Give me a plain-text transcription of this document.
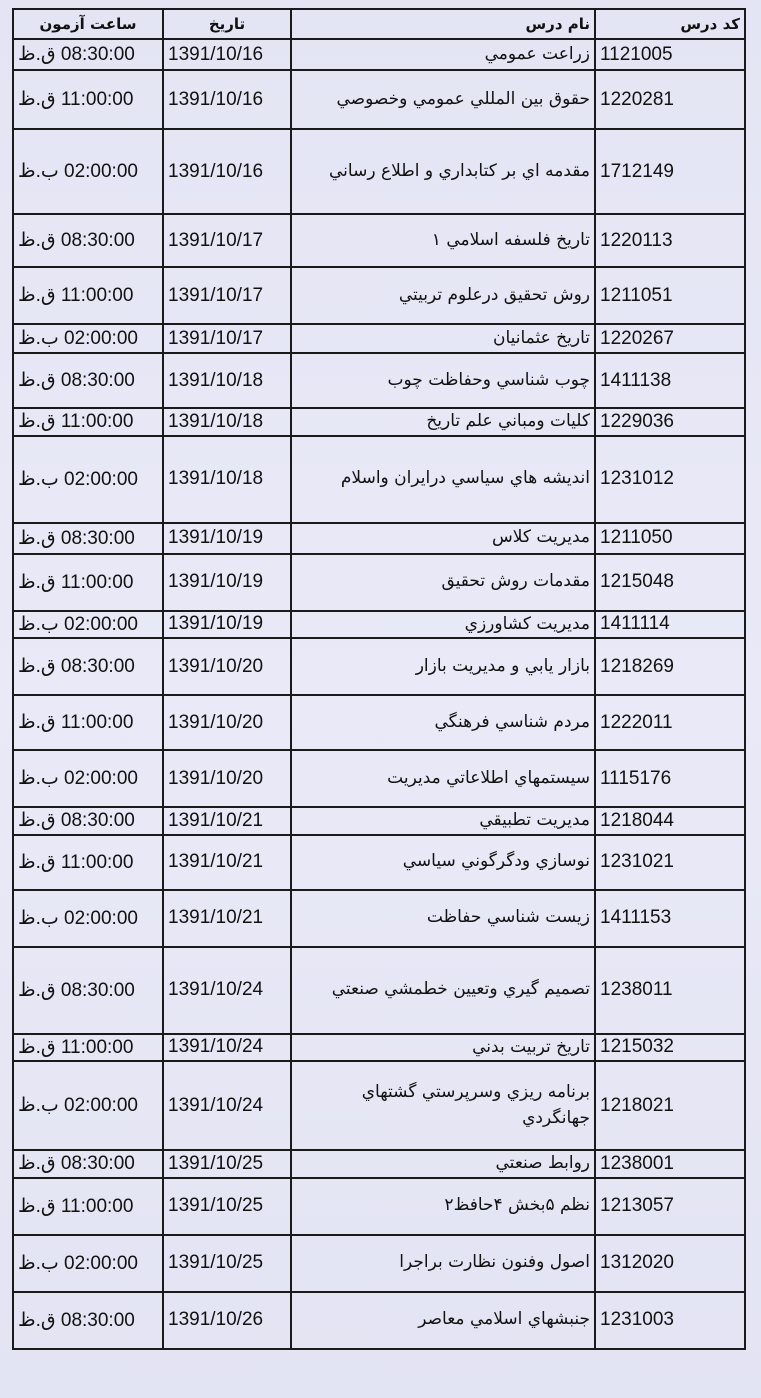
ساعت آزمون	تاريخ	نام درس	کد درس
08:30:00 ق.ظ	1391/10/16	زراعت عمومي	1121005
11:00:00 ق.ظ	1391/10/16	حقوق بين المللي عمومي وخصوصي	1220281
02:00:00 ب.ظ	1391/10/16	مقدمه اي بر کتابداري و اطلاع رساني	1712149
08:30:00 ق.ظ	1391/10/17	تاريخ فلسفه اسلامي ۱	1220113
11:00:00 ق.ظ	1391/10/17	روش تحقيق درعلوم تربيتي	1211051
02:00:00 ب.ظ	1391/10/17	تاريخ عثمانيان	1220267
08:30:00 ق.ظ	1391/10/18	چوب شناسي وحفاظت چوب	1411138
11:00:00 ق.ظ	1391/10/18	کليات ومباني علم تاريخ	1229036
02:00:00 ب.ظ	1391/10/18	انديشه هاي سياسي درايران واسلام	1231012
08:30:00 ق.ظ	1391/10/19	مديريت کلاس	1211050
11:00:00 ق.ظ	1391/10/19	مقدمات روش تحقيق	1215048
02:00:00 ب.ظ	1391/10/19	مديريت کشاورزي	1411114
08:30:00 ق.ظ	1391/10/20	بازار يابي و مديريت بازار	1218269
11:00:00 ق.ظ	1391/10/20	مردم شناسي فرهنگي	1222011
02:00:00 ب.ظ	1391/10/20	سيستمهاي اطلاعاتي مديريت	1115176
08:30:00 ق.ظ	1391/10/21	مديريت تطبيقي	1218044
11:00:00 ق.ظ	1391/10/21	نوسازي ودگرگوني سياسي	1231021
02:00:00 ب.ظ	1391/10/21	زيست شناسي حفاظت	1411153
08:30:00 ق.ظ	1391/10/24	تصميم گيري وتعيين خطمشي صنعتي	1238011
11:00:00 ق.ظ	1391/10/24	تاريخ تربيت بدني	1215032
02:00:00 ب.ظ	1391/10/24	برنامه ريزي وسرپرستي گشتهاي جهانگردي	1218021
08:30:00 ق.ظ	1391/10/25	روابط صنعتي	1238001
11:00:00 ق.ظ	1391/10/25	نظم ۵بخش ۴حافظ۲	1213057
02:00:00 ب.ظ	1391/10/25	اصول وفنون نظارت براجرا	1312020
08:30:00 ق.ظ	1391/10/26	جنبشهاي اسلامي معاصر	1231003
